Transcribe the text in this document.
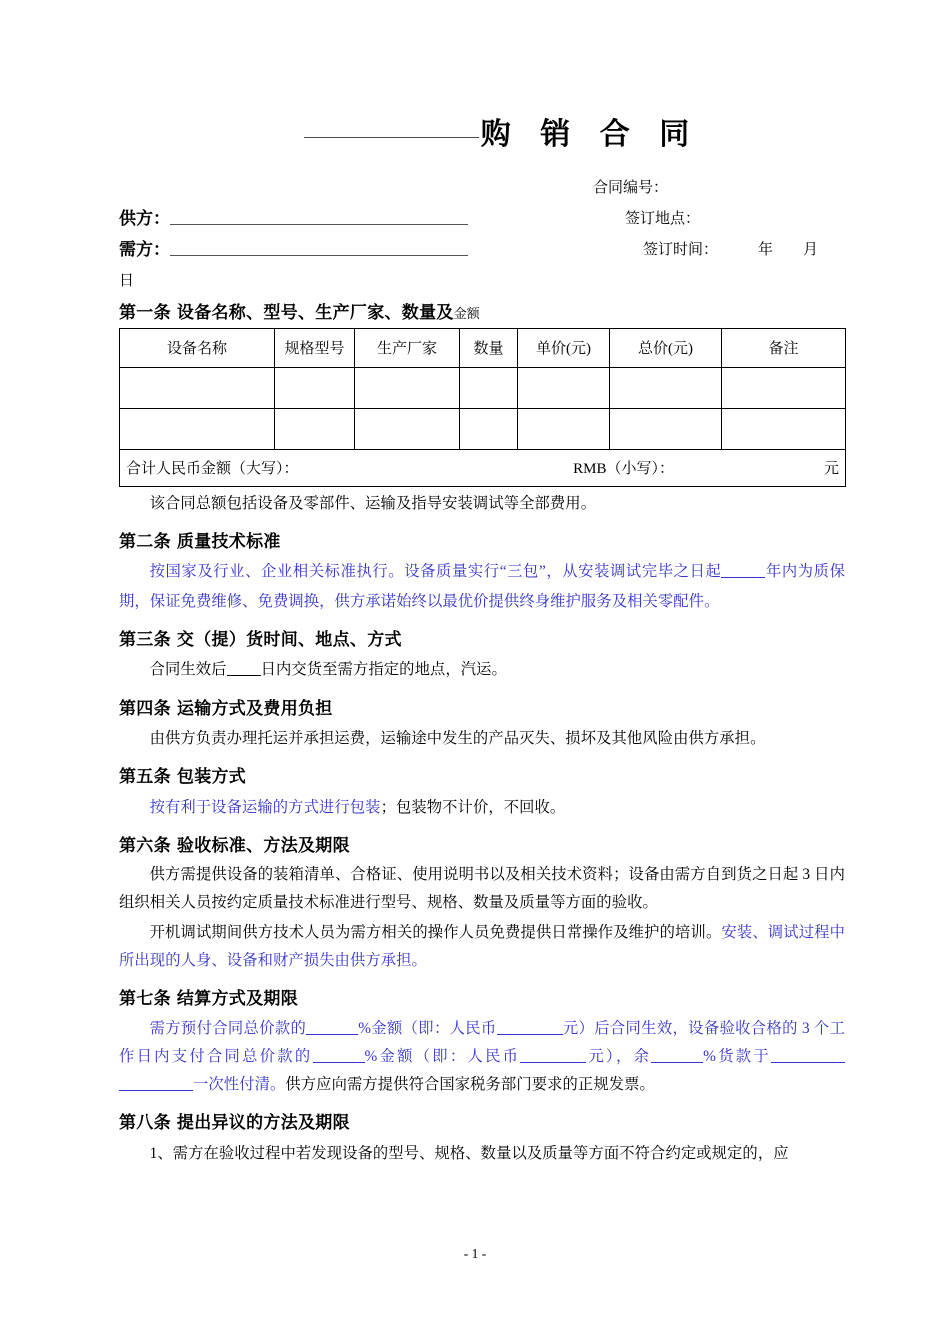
购 销 合 同
合同编号：
供方：	签订地点：
需方：	签订时间：	年 月
日
第一条 设备名称、型号、生产厂家、数量及金额
设备名称	规格型号	生产厂家	数量	单价(元)	总价(元)	备注

合计人民币金额（大写）： RMB（小写）： 元						

该合同总额包括设备及零部件、运输及指导安装调试等全部费用。

第二条 质量技术标准

按国家及行业、企业相关标准执行。设备质量实行“三包”，从安装调试完毕之日起	年内为质保期，保证免费维修、免费调换，供方承诺始终以最优价提供终身维护服务及相关零配件。

第三条 交（提）货时间、地点、方式

合同生效后 日内交货至需方指定的地点，汽运。

第四条 运输方式及费用负担

由供方负责办理托运并承担运费，运输途中发生的产品灭失、损坏及其他风险由供方承担。

第五条 包装方式

按有利于设备运输的方式进行包装；包装物不计价，不回收。

第六条 验收标准、方法及期限

供方需提供设备的装箱清单、合格证、使用说明书以及相关技术资料；设备由需方自到货之日起 3 日内组织相关人员按约定质量技术标准进行型号、规格、数量及质量等方面的验收。

开机调试期间供方技术人员为需方相关的操作人员免费提供日常操作及维护的培训。安装、调试过程中所出现的人身、设备和财产损失由供方承担。

第七条 结算方式及期限

需方预付合同总价款的	%金额（即：人民币	元）后合同生效，设备验收合格的 3 个工作日内支付合同总价款的	%金额（即：人民币	元），余	%货款于一次性付清。供方应向需方提供符合国家税务部门要求的正规发票。

第八条 提出异议的方法及期限

1、需方在验收过程中若发现设备的型号、规格、数量以及质量等方面不符合约定或规定的，应

- 1 -
